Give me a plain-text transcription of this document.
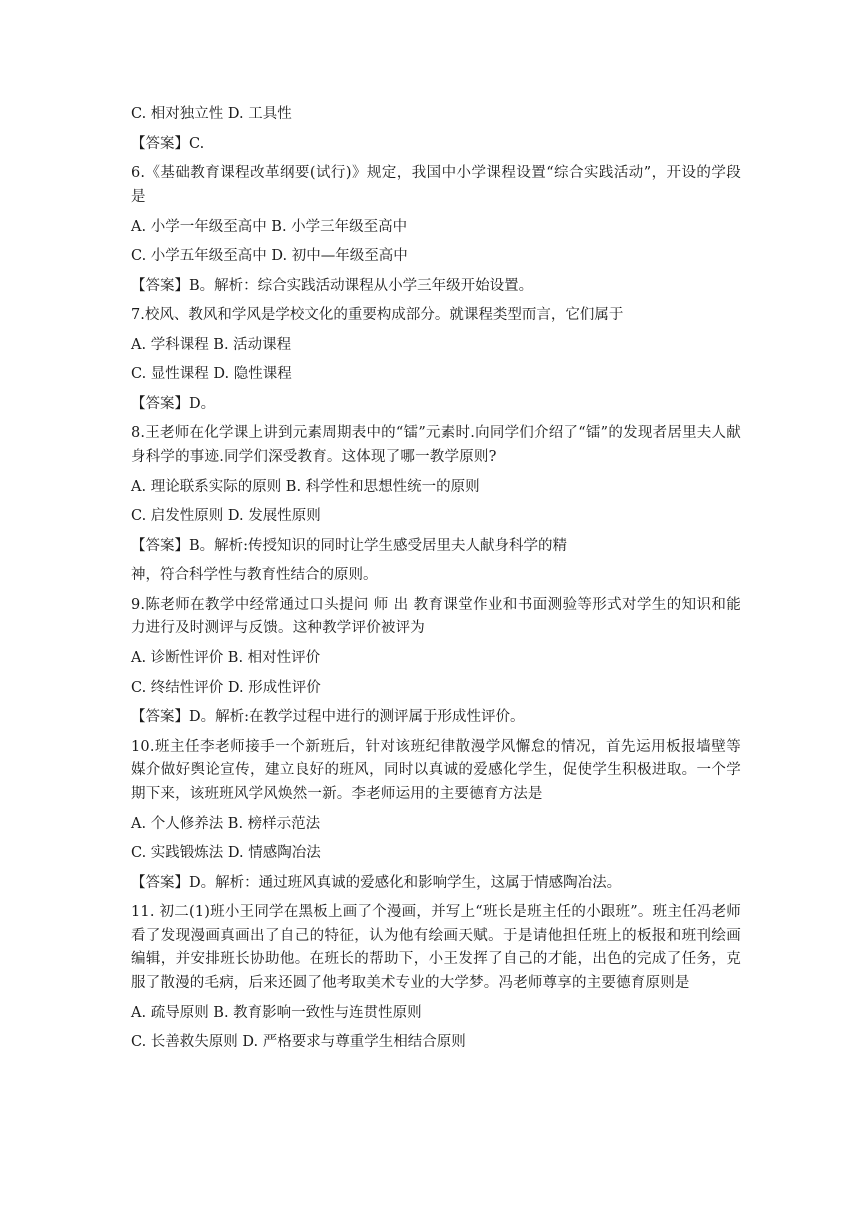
C. 相对独立性 D. 工具性

【答案】C.

6.《基础教育课程改革纲要(试行)》规定，我国中小学课程设置“综合实践活动”，开设的学段是

A. 小学一年级至高中 B. 小学三年级至高中

C. 小学五年级至高中 D. 初中—年级至高中

【答案】B。解析：综合实践活动课程从小学三年级开始设置。

7.校风、教风和学风是学校文化的重要构成部分。就课程类型而言，它们属于

A. 学科课程 B. 活动课程

C. 显性课程 D. 隐性课程

【答案】D。

8.王老师在化学课上讲到元素周期表中的“镭”元素时.向同学们介绍了“镭”的发现者居里夫人献身科学的事迹.同学们深受教育。这体现了哪一教学原则?

A. 理论联系实际的原则 B. 科学性和思想性统一的原则

C. 启发性原则 D. 发展性原则

【答案】B。解析:传授知识的同时让学生感受居里夫人献身科学的精

神，符合科学性与教育性结合的原则。

9.陈老师在教学中经常通过口头提问 师 出 教育课堂作业和书面测验等形式对学生的知识和能力进行及时测评与反馈。这种教学评价被评为

A. 诊断性评价 B. 相对性评价

C. 终结性评价 D. 形成性评价

【答案】D。解析:在教学过程中进行的测评属于形成性评价。

10.班主任李老师接手一个新班后，针对该班纪律散漫学风懈怠的情况，首先运用板报墙壁等媒介做好舆论宣传，建立良好的班风，同时以真诚的爱感化学生，促使学生积极进取。一个学期下来，该班班风学风焕然一新。李老师运用的主要德育方法是

A. 个人修养法 B. 榜样示范法

C. 实践锻炼法 D. 情感陶冶法

【答案】D。解析：通过班风真诚的爱感化和影响学生，这属于情感陶冶法。

11. 初二(1)班小王同学在黑板上画了个漫画，并写上“班长是班主任的小跟班”。班主任冯老师看了发现漫画真画出了自己的特征，认为他有绘画天赋。于是请他担任班上的板报和班刊绘画编辑，并安排班长协助他。在班长的帮助下，小王发挥了自己的才能，出色的完成了任务，克服了散漫的毛病，后来还圆了他考取美术专业的大学梦。冯老师尊享的主要德育原则是

A. 疏导原则 B. 教育影响一致性与连贯性原则

C. 长善救失原则 D. 严格要求与尊重学生相结合原则
